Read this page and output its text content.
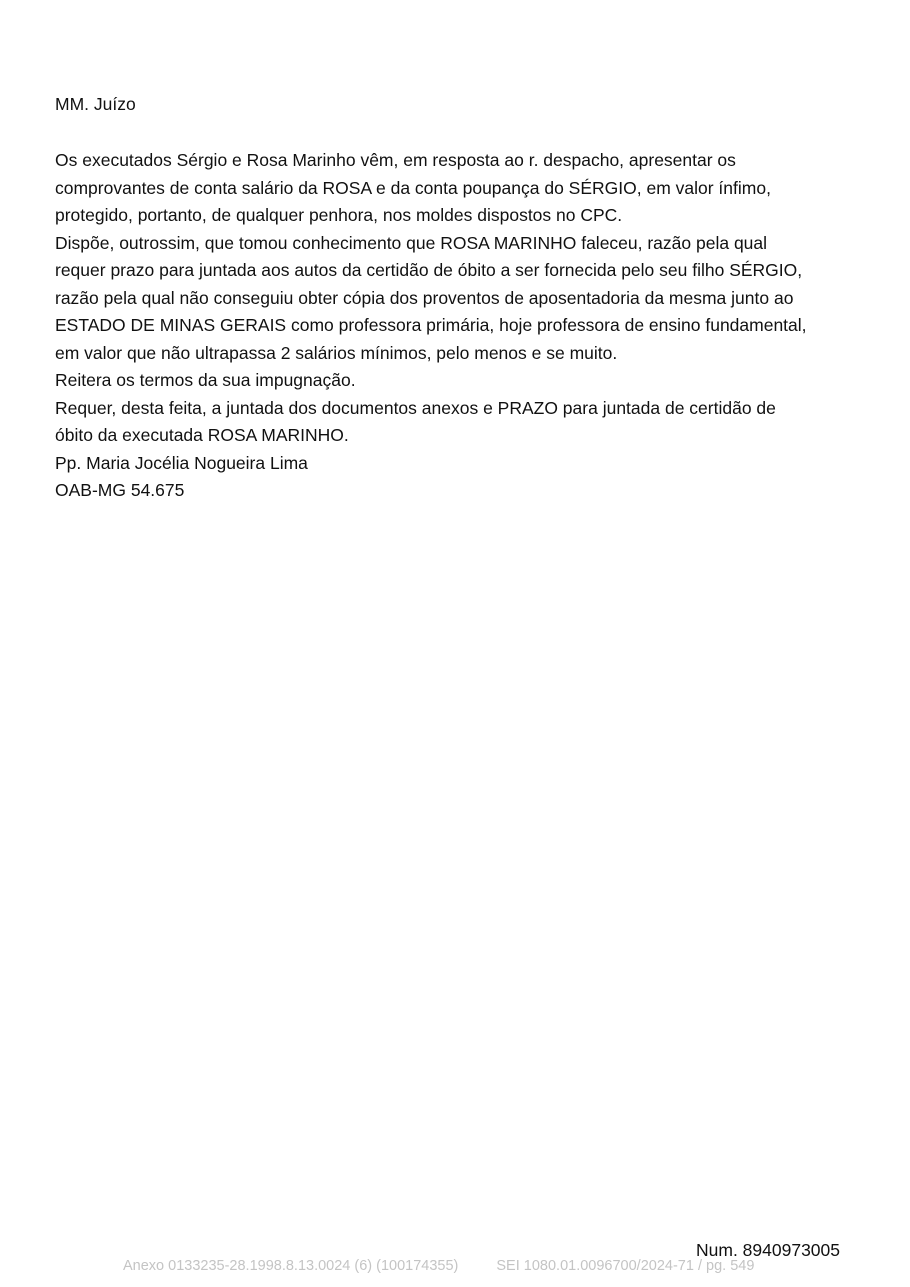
MM. Juízo
Os executados Sérgio e Rosa Marinho vêm, em resposta ao r. despacho, apresentar os
comprovantes de conta salário da ROSA e da conta poupança do SÉRGIO, em valor ínfimo,
protegido, portanto, de qualquer penhora, nos moldes dispostos no CPC.
Dispõe, outrossim, que tomou conhecimento que ROSA MARINHO faleceu, razão pela qual
requer prazo para juntada aos autos da certidão de óbito a ser fornecida pelo seu filho SÉRGIO,
razão pela qual não conseguiu obter cópia dos proventos de aposentadoria da mesma junto ao
ESTADO DE MINAS GERAIS como professora primária, hoje professora de ensino fundamental,
em valor que não ultrapassa 2 salários mínimos, pelo menos e se muito.
Reitera os termos da sua impugnação.
Requer, desta feita, a juntada dos documentos anexos e PRAZO para juntada de certidão de
óbito da executada ROSA MARINHO.
Pp. Maria Jocélia Nogueira Lima
OAB-MG 54.675
Num. 8940973005
Anexo 0133235-28.1998.8.13.0024 (6) (100174355)	SEI 1080.01.0096700/2024-71 / pg. 549
